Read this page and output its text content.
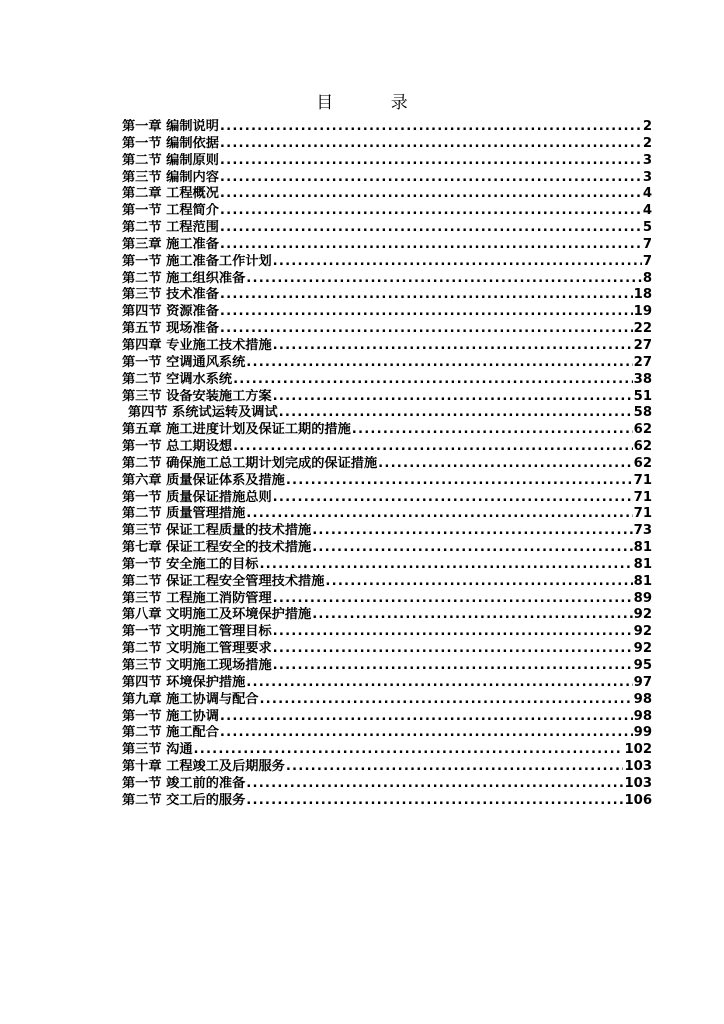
目 录
第一章 编制说明 .....	2
第一节 编制依据 .....	2
第二节 编制原则 .....	3
第三节 编制内容 .....	3
第二章 工程概况 .....	4
第一节 工程简介 .....	4
第二节 工程范围 .....	5
第三章 施工准备 .....	7
第一节 施工准备工作计划 .....	7
第二节 施工组织准备 .....	8
第三节 技术准备 .....	18
第四节 资源准备 .....	19
第五节 现场准备 .....	22
第四章 专业施工技术措施 .....	27
第一节 空调通风系统 .....	27
第二节 空调水系统 .....	38
第三节 设备安装施工方案 .....	51
第四节 系统试运转及调试 .....	58
第五章 施工进度计划及保证工期的措施 .....	62
第一节 总工期设想 .....	62
第二节 确保施工总工期计划完成的保证措施 .....	62
第六章 质量保证体系及措施 .....	71
第一节 质量保证措施总则 .....	71
第二节 质量管理措施 .....	71
第三节 保证工程质量的技术措施 .....	73
第七章 保证工程安全的技术措施 .....	81
第一节 安全施工的目标 .....	81
第二节 保证工程安全管理技术措施 .....	81
第三节 工程施工消防管理 .....	89
第八章 文明施工及环境保护措施 .....	92
第一节 文明施工管理目标 .....	92
第二节 文明施工管理要求 .....	92
第三节 文明施工现场措施 .....	95
第四节 环境保护措施 .....	97
第九章 施工协调与配合 .....	98
第一节 施工协调 .....	98
第二节 施工配合 .....	99
第三节 沟通 .....	102
第十章 工程竣工及后期服务 .....	103
第一节 竣工前的准备 .....	103
第二节 交工后的服务 .....	106
